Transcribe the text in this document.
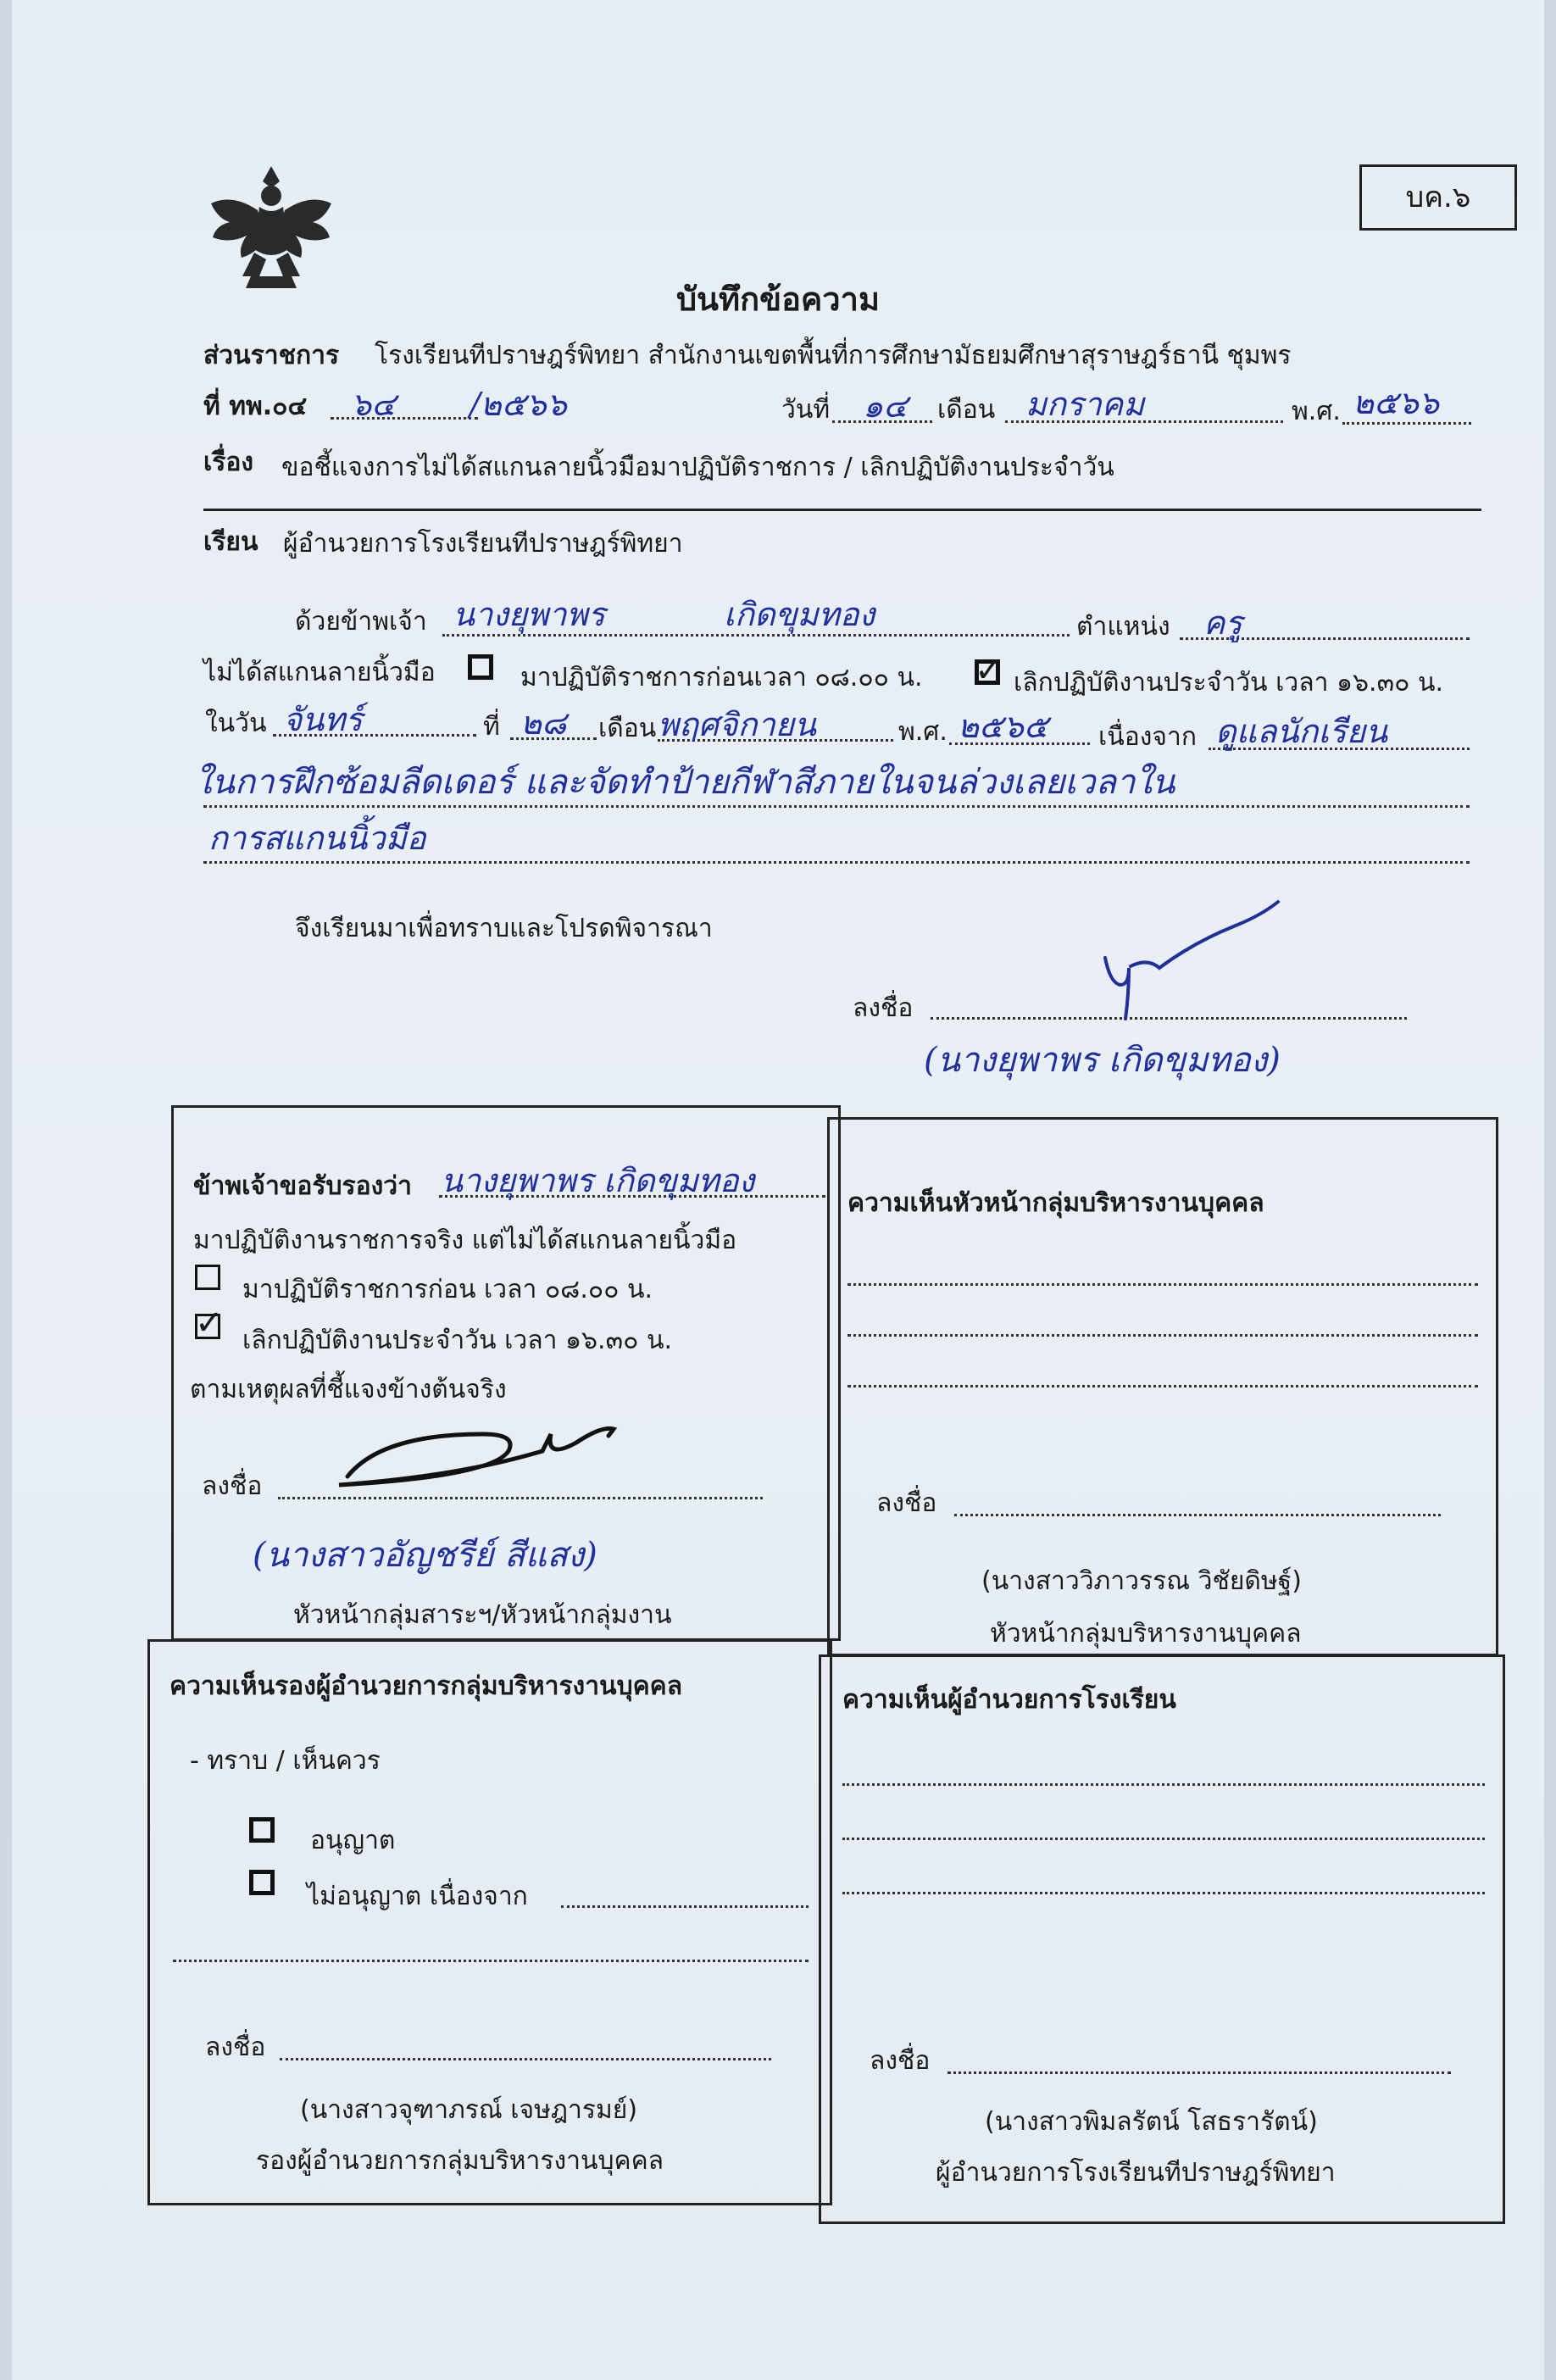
บค.๖
บันทึกข้อความ
ส่วนราชการ โรงเรียนทีปราษฎร์พิทยา สำนักงานเขตพื้นที่การศึกษามัธยมศึกษาสุราษฎร์ธานี ชุมพร
ที่ ทพ.๐๔ ๖๔ /๒๕๖๖	วันที่ ๑๔ เดือน มกราคม	พ.ศ. ๒๕๖๖
เรื่อง ขอชี้แจงการไม่ได้สแกนลายนิ้วมือมาปฏิบัติราชการ / เลิกปฏิบัติงานประจำวัน
เรียน ผู้อำนวยการโรงเรียนทีปราษฎร์พิทยา
ด้วยข้าพเจ้า นางยุพาพร	เกิดขุมทอง	ตำแหน่ง ครู
ไม่ได้สแกนลายนิ้วมือ	มาปฏิบัติราชการก่อนเวลา ๐๘.๐๐ น. ✓ เลิกปฏิบัติงานประจำวัน เวลา ๑๖.๓๐ น.
ในวัน จันทร์	ที่ ๒๘ เดือน พฤศจิกายน	พ.ศ. ๒๕๖๕ เนื่องจาก ดูแลนักเรียน
ในการฝึกซ้อมลีดเดอร์ และจัดทำป้ายกีฬาสีภายในจนล่วงเลยเวลาใน
การสแกนนิ้วมือ
จึงเรียนมาเพื่อทราบและโปรดพิจารณา
ลงชื่อ
(นางยุพาพร เกิดขุมทอง)
ข้าพเจ้าขอรับรองว่า นางยุพาพร เกิดขุมทอง
มาปฏิบัติงานราชการจริง แต่ไม่ได้สแกนลายนิ้วมือ
มาปฏิบัติราชการก่อน เวลา ๐๘.๐๐ น.
✓ เลิกปฏิบัติงานประจำวัน เวลา ๑๖.๓๐ น.
ตามเหตุผลที่ชี้แจงข้างต้นจริง
ลงชื่อ
(นางสาวอัญชรีย์ สีแสง)
หัวหน้ากลุ่มสาระฯ/หัวหน้ากลุ่มงาน
ความเห็นหัวหน้ากลุ่มบริหารงานบุคคล
ลงชื่อ
(นางสาววิภาวรรณ วิชัยดิษฐ์)
หัวหน้ากลุ่มบริหารงานบุคคล
ความเห็นรองผู้อำนวยการกลุ่มบริหารงานบุคคล
- ทราบ / เห็นควร
อนุญาต
ไม่อนุญาต เนื่องจาก
ลงชื่อ
(นางสาวจุฑาภรณ์ เจษฎารมย์)
รองผู้อำนวยการกลุ่มบริหารงานบุคคล
ความเห็นผู้อำนวยการโรงเรียน
ลงชื่อ
(นางสาวพิมลรัตน์ โสธรารัตน์)
ผู้อำนวยการโรงเรียนทีปราษฎร์พิทยา
